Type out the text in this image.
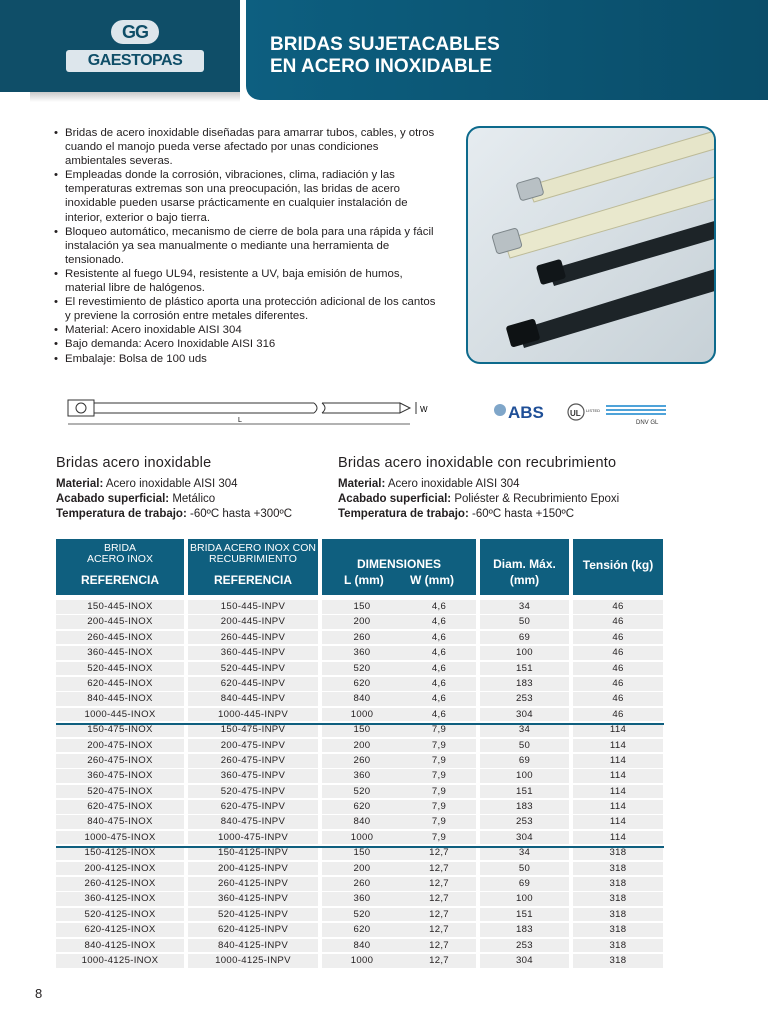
GG
GAESTOPAS
BRIDAS SUJETACABLES
EN ACERO INOXIDABLE
• Bridas de acero inoxidable diseñadas para amarrar tubos, cables, y otros cuando el manojo pueda verse afectado por unas condiciones ambientales severas.
• Empleadas donde la corrosión, vibraciones, clima, radiación y las temperaturas extremas son una preocupación, las bridas de acero inoxidable pueden usarse prácticamente en cualquier instalación de interior, exterior o bajo tierra.
• Bloqueo automático, mecanismo de cierre de bola para una rápida y fácil instalación ya sea manualmente o mediante una herramienta de tensionado.
• Resistente al fuego UL94, resistente a UV, baja emisión de humos, material libre de halógenos.
• El revestimiento de plástico aporta una protección adicional de los cantos y previene la corrosión entre metales diferentes.
• Material: Acero inoxidable AISI 304
• Bajo demanda: Acero Inoxidable AISI 316
• Embalaje: Bolsa de 100 uds
L
W	ABS	UL LISTED
DNV GL
Bridas acero inoxidable
Material: Acero inoxidable AISI 304
Acabado superficial: Metálico
Temperatura de trabajo: -60ºC hasta +300ºC
Bridas acero inoxidable con recubrimiento
Material: Acero inoxidable AISI 304
Acabado superficial: Poliéster & Recubrimiento Epoxi
Temperatura de trabajo: -60ºC hasta +150ºC
BRIDA
ACERO INOX
REFERENCIA
BRIDA ACERO INOX CON
RECUBRIMIENTO
REFERENCIA
DIMENSIONES
L (mm) W (mm)
Diam. Máx.
(mm)
Tensión (kg)
150-445-INOX	150-445-INPV	150	4,6	34	46
200-445-INOX	200-445-INPV	200	4,6	50	46
260-445-INOX	260-445-INPV	260	4,6	69	46
360-445-INOX	360-445-INPV	360	4,6	100	46
520-445-INOX	520-445-INPV	520	4,6	151	46
620-445-INOX	620-445-INPV	620	4,6	183	46
840-445-INOX	840-445-INPV	840	4,6	253	46
1000-445-INOX	1000-445-INPV	1000	4,6	304	46
150-475-INOX	150-475-INPV	150	7,9	34	114
200-475-INOX	200-475-INPV	200	7,9	50	114
260-475-INOX	260-475-INPV	260	7,9	69	114
360-475-INOX	360-475-INPV	360	7,9	100	114
520-475-INOX	520-475-INPV	520	7,9	151	114
620-475-INOX	620-475-INPV	620	7,9	183	114
840-475-INOX	840-475-INPV	840	7,9	253	114
1000-475-INOX	1000-475-INPV	1000	7,9	304	114
150-4125-INOX	150-4125-INPV	150	12,7	34	318
200-4125-INOX	200-4125-INPV	200	12,7	50	318
260-4125-INOX	260-4125-INPV	260	12,7	69	318
360-4125-INOX	360-4125-INPV	360	12,7	100	318
520-4125-INOX	520-4125-INPV	520	12,7	151	318
620-4125-INOX	620-4125-INPV	620	12,7	183	318
840-4125-INOX	840-4125-INPV	840	12,7	253	318
1000-4125-INOX	1000-4125-INPV	1000	12,7	304	318
8
